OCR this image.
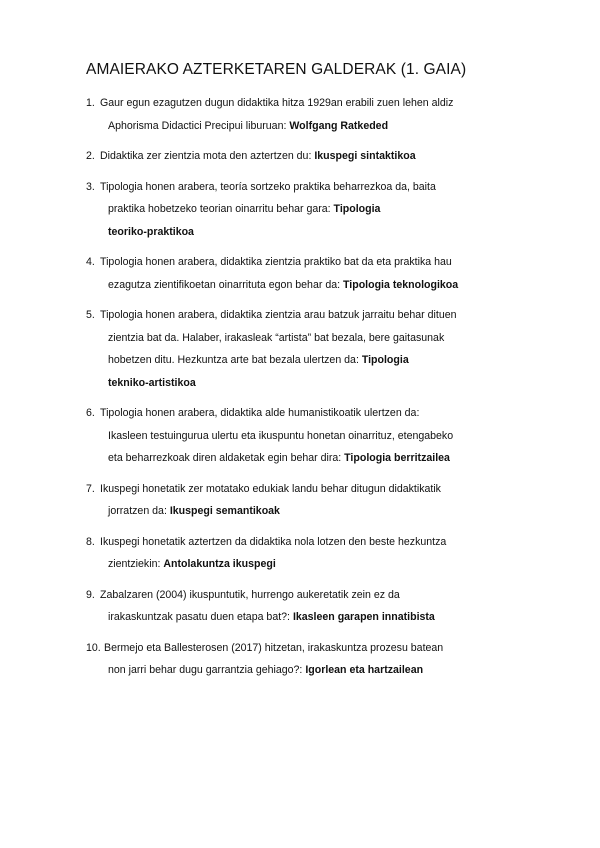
AMAIERAKO AZTERKETAREN GALDERAK (1. GAIA)
1. Gaur egun ezagutzen dugun didaktika hitza 1929an erabili zuen lehen aldiz
Aphorisma Didactici Precipui liburuan: Wolfgang Ratkeded
2. Didaktika zer zientzia mota den aztertzen du: Ikuspegi sintaktikoa
3. Tipologia honen arabera, teoría sortzeko praktika beharrezkoa da, baita
praktika hobetzeko teorian oinarritu behar gara: Tipologia
teoriko-praktikoa
4. Tipologia honen arabera, didaktika zientzia praktiko bat da eta praktika hau
ezagutza zientifikoetan oinarrituta egon behar da: Tipologia teknologikoa
5. Tipologia honen arabera, didaktika zientzia arau batzuk jarraitu behar dituen
zientzia bat da. Halaber, irakasleak “artista” bat bezala, bere gaitasunak
hobetzen ditu. Hezkuntza arte bat bezala ulertzen da: Tipologia
tekniko-artistikoa
6. Tipologia honen arabera, didaktika alde humanistikoatik ulertzen da:
Ikasleen testuingurua ulertu eta ikuspuntu honetan oinarrituz, etengabeko
eta beharrezkoak diren aldaketak egin behar dira: Tipologia berritzailea
7. Ikuspegi honetatik zer motatako edukiak landu behar ditugun didaktikatik
jorratzen da: Ikuspegi semantikoak
8. Ikuspegi honetatik aztertzen da didaktika nola lotzen den beste hezkuntza
zientziekin: Antolakuntza ikuspegi
9. Zabalzaren (2004) ikuspuntutik, hurrengo aukeretatik zein ez da
irakaskuntzak pasatu duen etapa bat?: Ikasleen garapen innatibista
10. Bermejo eta Ballesterosen (2017) hitzetan, irakaskuntza prozesu batean
non jarri behar dugu garrantzia gehiago?: Igorlean eta hartzailean
